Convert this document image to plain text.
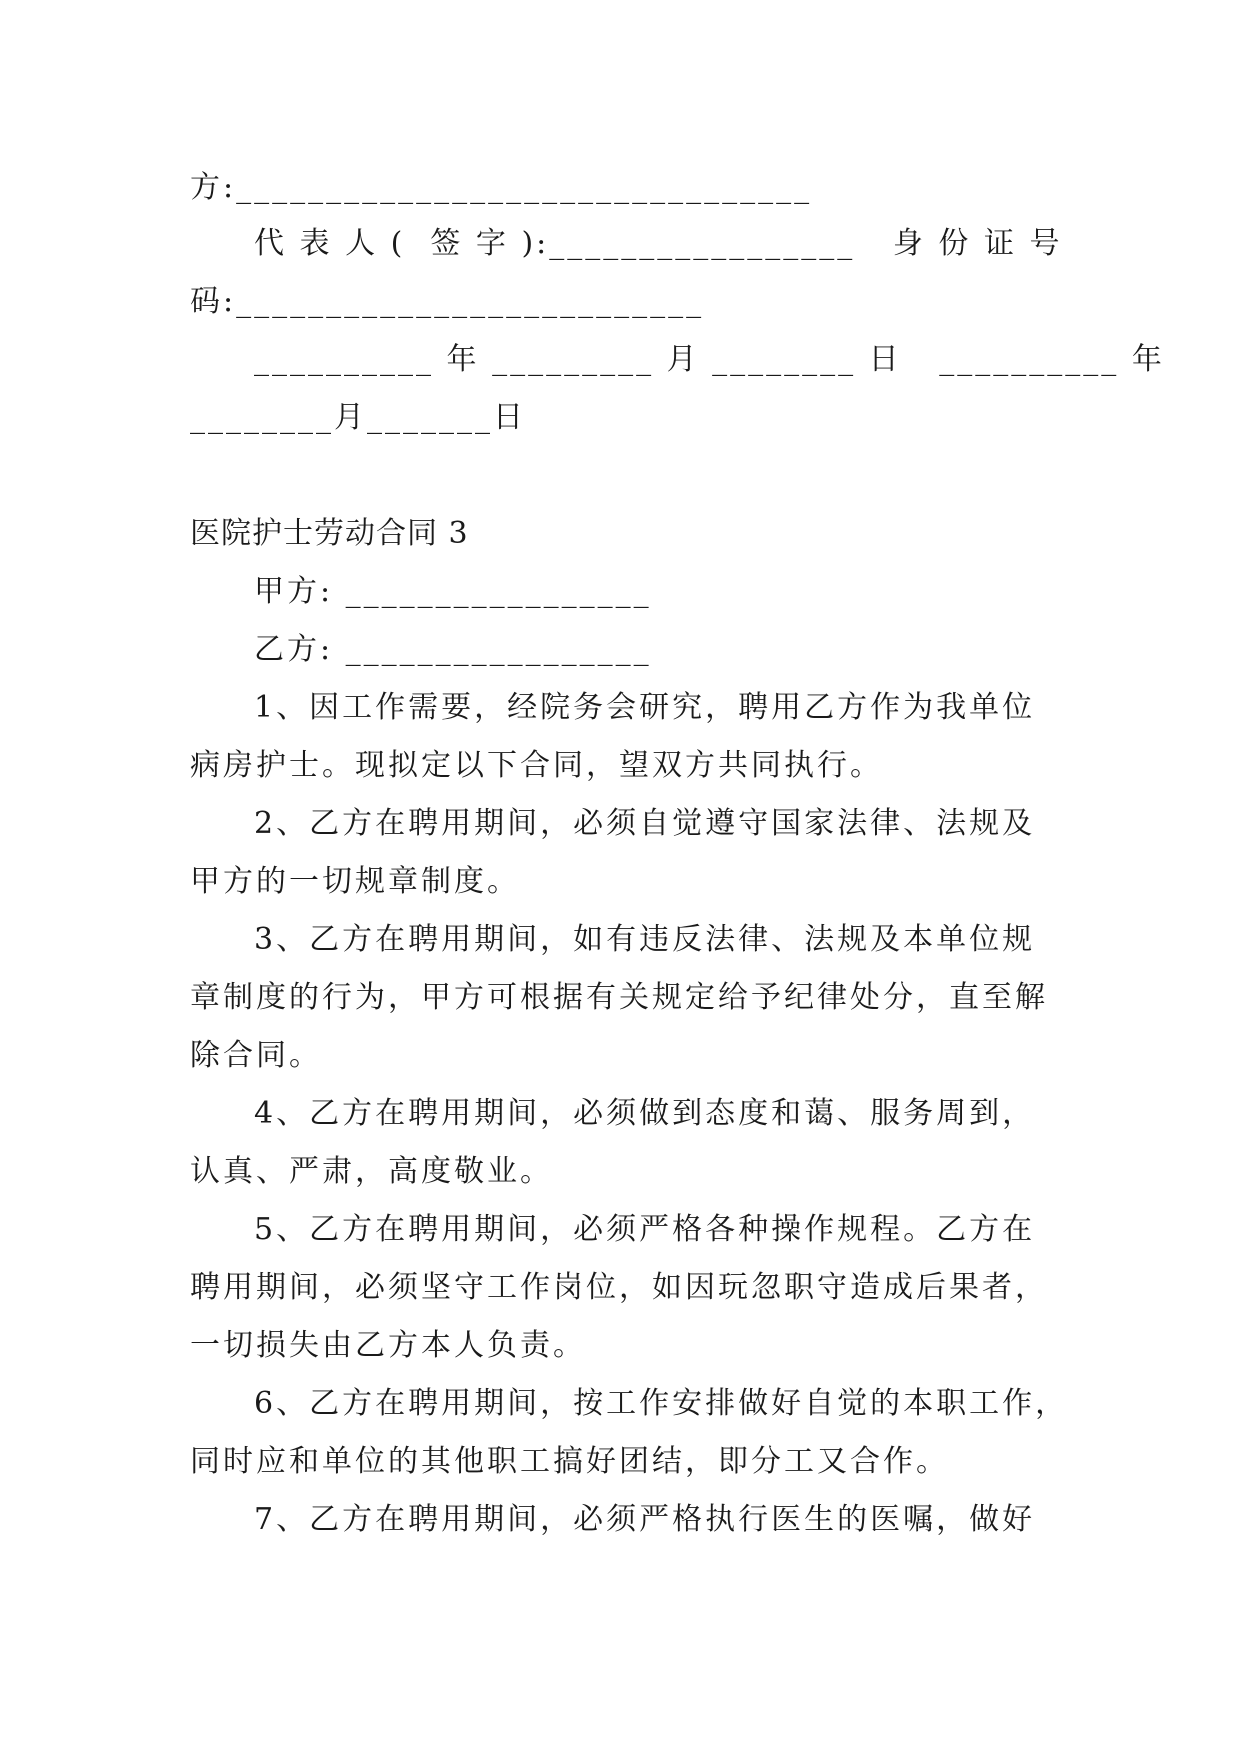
方:________________________________
代 表 人 (  签 字 ):_________________   身 份 证 号
码:__________________________
__________ 年 _________ 月 ________ 日   __________ 年
________月_______日
医院护士劳动合同 3
甲方: _________________
乙方: _________________
1、因工作需要，经院务会研究，聘用乙方作为我单位
病房护士。现拟定以下合同，望双方共同执行。
2、乙方在聘用期间，必须自觉遵守国家法律、法规及
甲方的一切规章制度。
3、乙方在聘用期间，如有违反法律、法规及本单位规
章制度的行为，甲方可根据有关规定给予纪律处分，直至解
除合同。
4、乙方在聘用期间，必须做到态度和蔼、服务周到，
认真、严肃，高度敬业。
5、乙方在聘用期间，必须严格各种操作规程。乙方在
聘用期间，必须坚守工作岗位，如因玩忽职守造成后果者，
一切损失由乙方本人负责。
6、乙方在聘用期间，按工作安排做好自觉的本职工作，
同时应和单位的其他职工搞好团结，即分工又合作。
7、乙方在聘用期间，必须严格执行医生的医嘱，做好
